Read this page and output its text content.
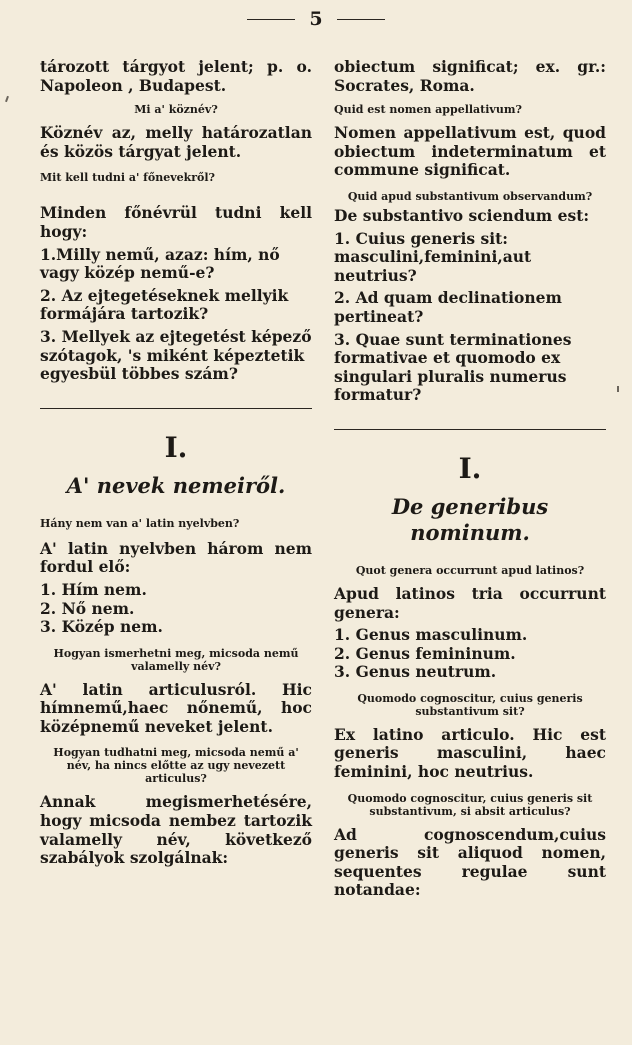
5

tározott tárgyot jelent; p. o. Napoleon , Budapest.

Mi a' köznév?

Köznév az, melly határozatlan és közös tárgyat jelent.

Mit kell tudni a' főnevekről?

Minden főnévrül tudni kell hogy:

1.Milly nemű, azaz: hím, nő vagy közép nemű-e?

2. Az ejtegetéseknek mellyik formájára tartozik?

3. Mellyek az ejtegetést képező szótagok, 's miként képeztetik egyesbül többes szám?

I.

A' nevek nemeiről.

Hány nem van a' latin nyelvben?

A' latin nyelvben három nem fordul elő:

1. Hím nem.

2. Nő nem.

3. Közép nem.

Hogyan ismerhetni meg, micsoda nemű valamelly név?

A' latin articulusról. Hic hímnemű,haec nőnemű, hoc középnemű neveket jelent.

Hogyan tudhatni meg, micsoda nemű a' név, ha nincs előtte az ugy nevezett articulus?

Annak megismerhetésére, hogy micsoda nembez tartozik valamelly név, következő szabályok szolgálnak:

obiectum significat; ex. gr.: Socrates, Roma.

Quid est nomen appellativum?

Nomen appellativum est, quod obiectum indeterminatum et commune significat.

Quid apud substantivum observandum?

De substantivo sciendum est:

1. Cuius generis sit: masculini,feminini,aut neutrius?

2. Ad quam declinationem pertineat?

3. Quae sunt terminationes formativae et quomodo ex singulari pluralis numerus formatur?

I.

De generibus nominum.

Quot genera occurrunt apud latinos?

Apud latinos tria occurrunt genera:

1. Genus masculinum.

2. Genus femininum.

3. Genus neutrum.

Quomodo cognoscitur, cuius generis substantivum sit?

Ex latino articulo. Hic est generis masculini, haec feminini, hoc neutrius.

Quomodo cognoscitur, cuius generis sit substantivum, si absit articulus?

Ad cognoscendum,cuius generis sit aliquod nomen, sequentes regulae sunt notandae:
